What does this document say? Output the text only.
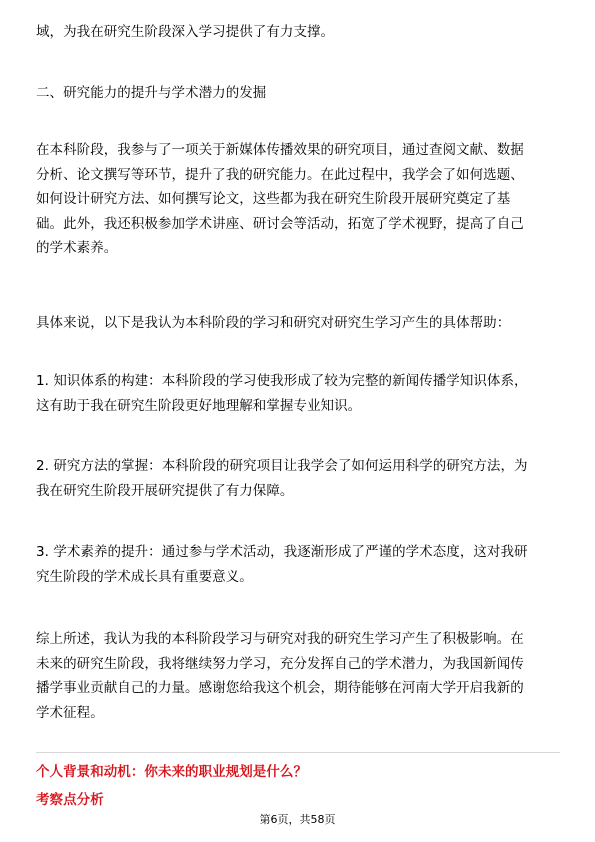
域，为我在研究生阶段深入学习提供了有力支撑。

二、研究能力的提升与学术潜力的发掘

在本科阶段，我参与了一项关于新媒体传播效果的研究项目，通过查阅文献、数据
分析、论文撰写等环节，提升了我的研究能力。在此过程中，我学会了如何选题、
如何设计研究方法、如何撰写论文，这些都为我在研究生阶段开展研究奠定了基
础。此外，我还积极参加学术讲座、研讨会等活动，拓宽了学术视野，提高了自己
的学术素养。

具体来说，以下是我认为本科阶段的学习和研究对研究生学习产生的具体帮助：

1. 知识体系的构建：本科阶段的学习使我形成了较为完整的新闻传播学知识体系，
这有助于我在研究生阶段更好地理解和掌握专业知识。

2. 研究方法的掌握：本科阶段的研究项目让我学会了如何运用科学的研究方法，为
我在研究生阶段开展研究提供了有力保障。

3. 学术素养的提升：通过参与学术活动，我逐渐形成了严谨的学术态度，这对我研
究生阶段的学术成长具有重要意义。

综上所述，我认为我的本科阶段学习与研究对我的研究生学习产生了积极影响。在
未来的研究生阶段，我将继续努力学习，充分发挥自己的学术潜力，为我国新闻传
播学事业贡献自己的力量。感谢您给我这个机会，期待能够在河南大学开启我新的
学术征程。

个人背景和动机：你未来的职业规划是什么？

考察点分析

第6页，共58页
